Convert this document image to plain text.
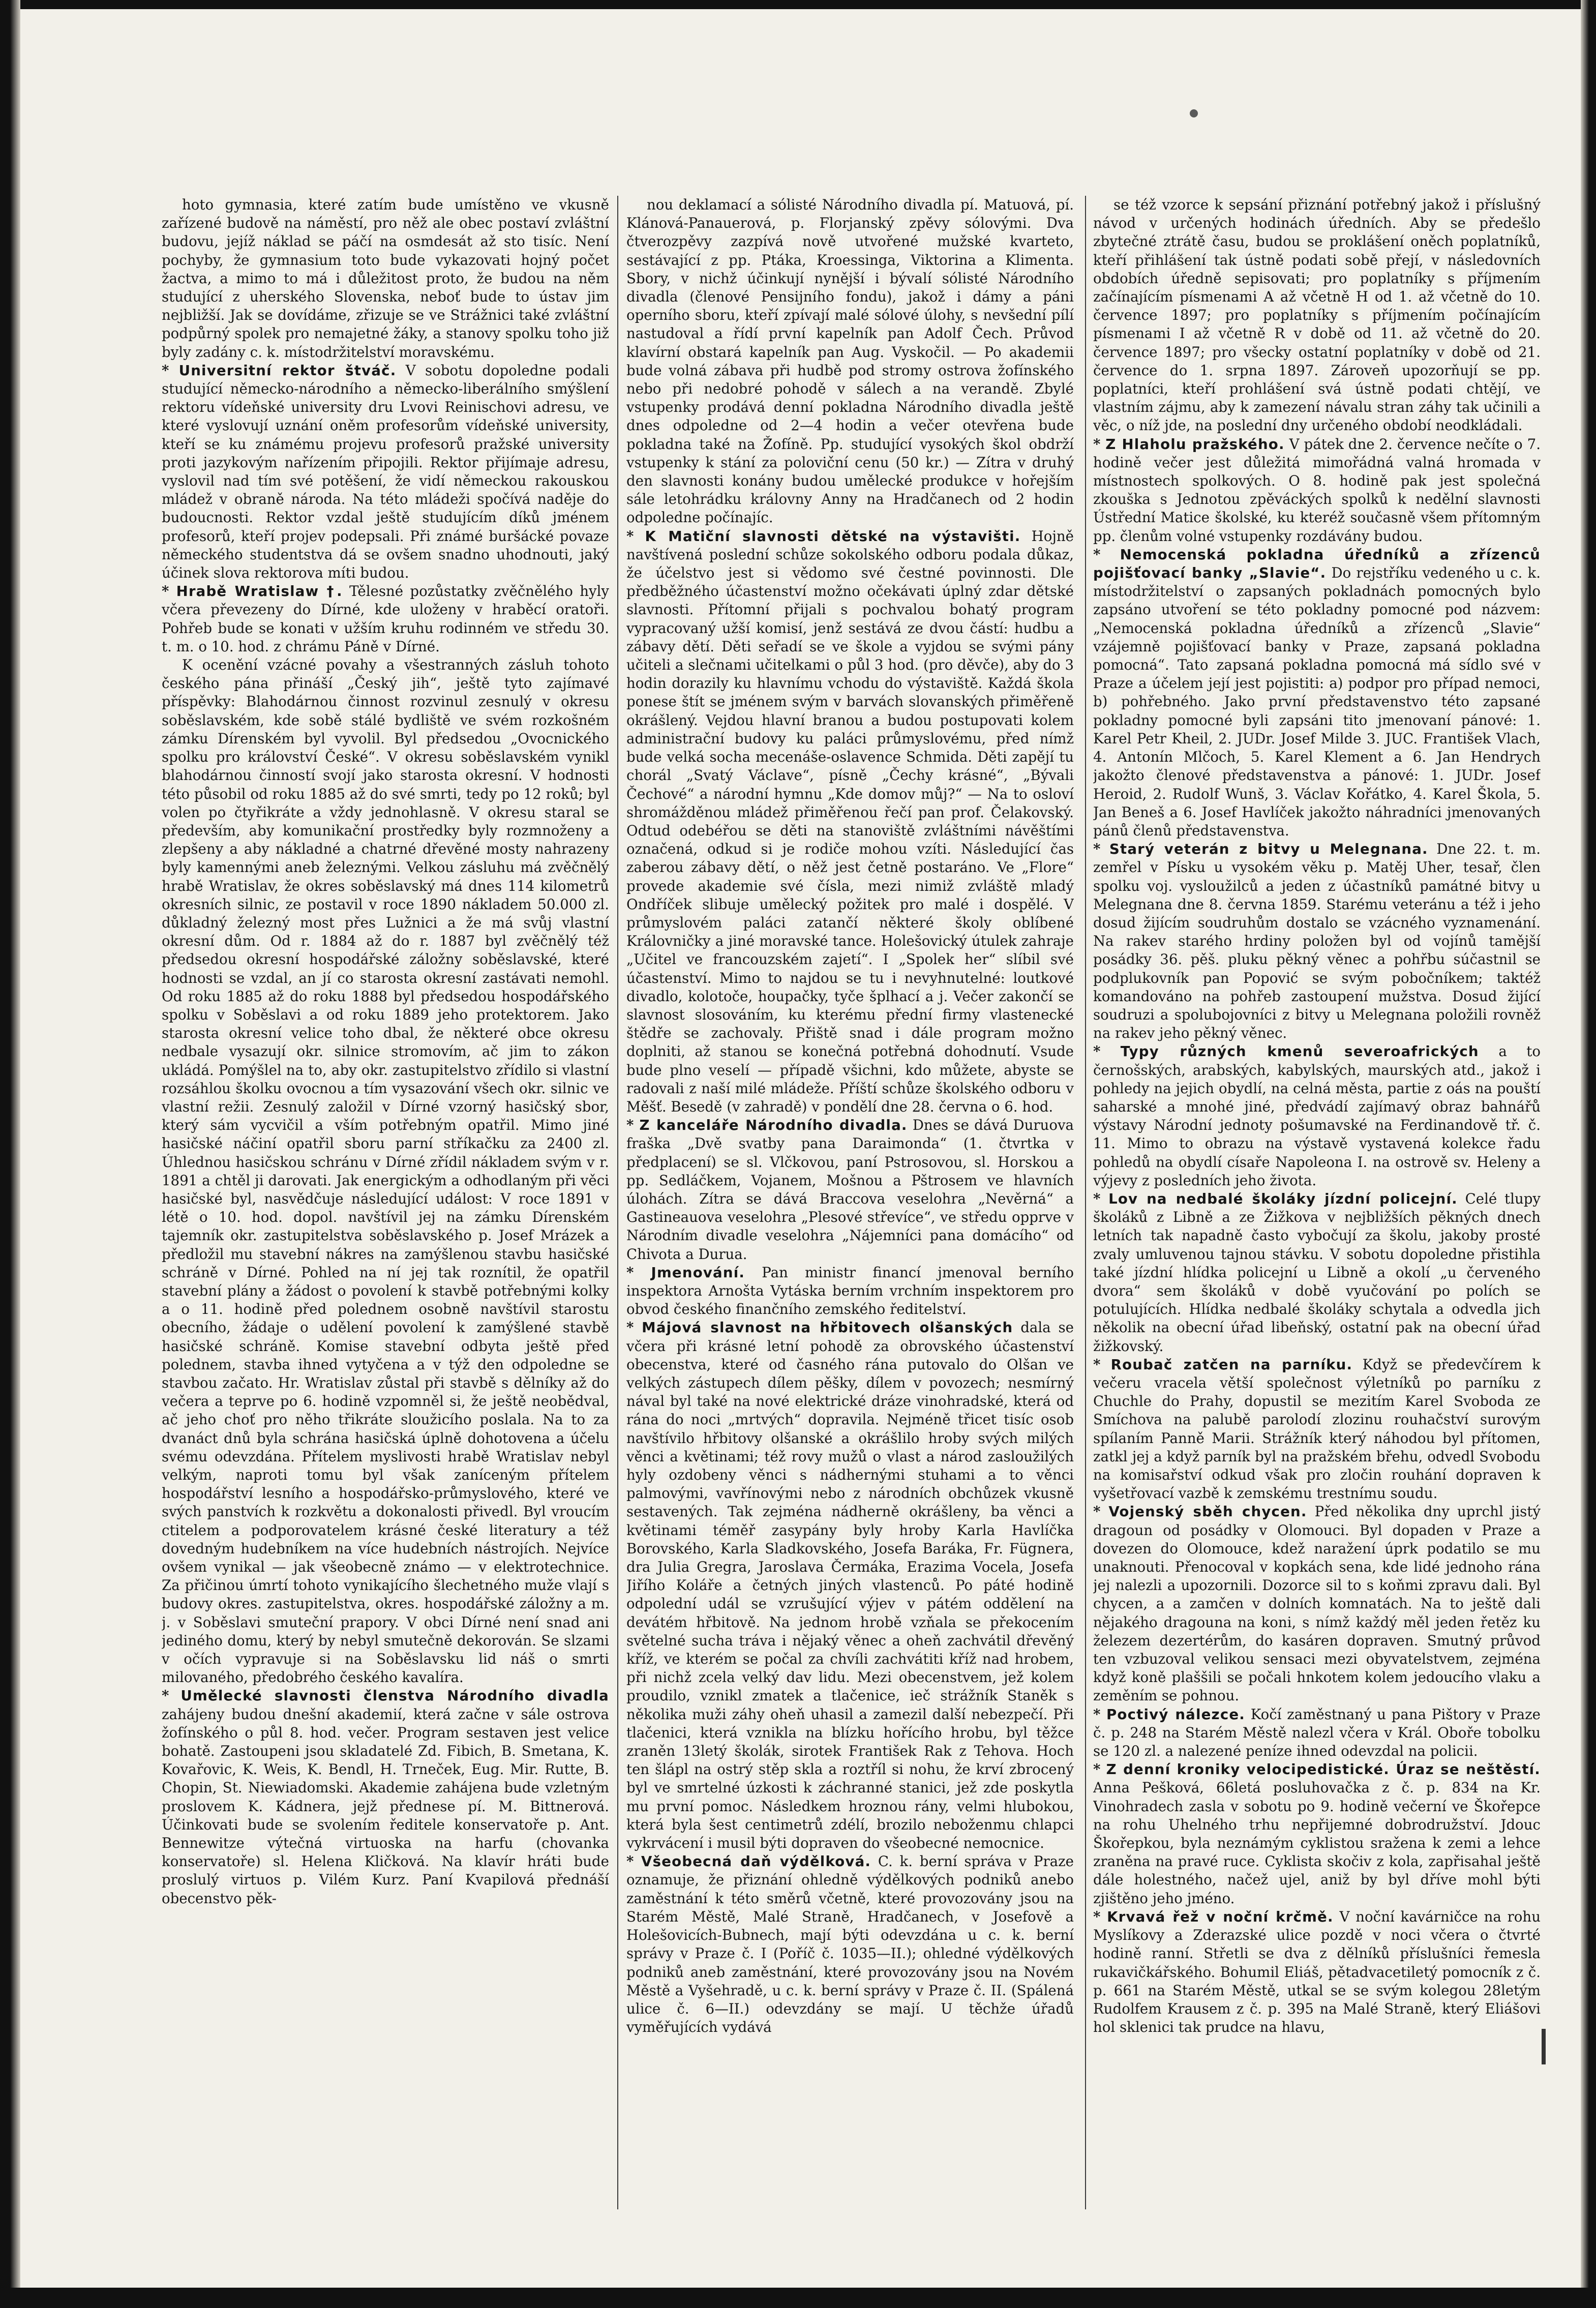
hoto gymnasia, které zatím bude umístěno ve vkusně zařízené budově na náměstí, pro něž ale obec postaví zvláštní budovu, jejíž náklad se páčí na osmdesát až sto tisíc. Není pochyby, že gymnasium toto bude vykazovati hojný počet žactva, a mimo to má i důležitost proto, že budou na něm studující z uherského Slovenska, neboť bude to ústav jim nejbližší. Jak se dovídáme, zřizuje se ve Strážnici také zvláštní podpůrný spolek pro nemajetné žáky, a stanovy spolku toho již byly zadány c. k. místodržitelství moravskému.

* Universitní rektor štváč. V sobotu dopoledne podali studující německo-národního a německo-liberálního smýšlení rektoru vídeňské university dru Lvovi Reinischovi adresu, ve které vyslovují uznání oněm profesorům vídeňské university, kteří se ku známému projevu profesorů pražské university proti jazykovým nařízením připojili. Rektor přijímaje adresu, vyslovil nad tím své potěšení, že vidí německou rakouskou mládež v obraně národa. Na této mládeži spočívá naděje do budoucnosti. Rektor vzdal ještě studujícím díků jménem profesorů, kteří projev podepsali. Při známé buršácké povaze německého studentstva dá se ovšem snadno uhodnouti, jaký účinek slova rektorova míti budou.

* Hrabě Wratislaw †. Tělesné pozůstatky zvěčnělého hyly včera převezeny do Dírné, kde uloženy v hraběcí oratoři. Pohřeb bude se konati v užším kruhu rodinném ve středu 30. t. m. o 10. hod. z chrámu Páně v Dírné.

K ocenění vzácné povahy a všestranných zásluh tohoto českého pána přináší „Český jih“, ještě tyto zajímavé příspěvky: Blahodárnou činnost rozvinul zesnulý v okresu soběslavském, kde sobě stálé bydliště ve svém rozkošném zámku Dírenském byl vyvolil. Byl předsedou „Ovocnického spolku pro království České“. V okresu soběslavském vynikl blahodárnou činností svojí jako starosta okresní. V hodnosti této působil od roku 1885 až do své smrti, tedy po 12 roků; byl volen po čtyřikráte a vždy jednohlasně. V okresu staral se především, aby komunikační prostředky byly rozmnoženy a zlepšeny a aby nákladné a chatrné dřevěné mosty nahrazeny byly kamennými aneb železnými. Velkou zásluhu má zvěčnělý hrabě Wratislav, že okres soběslavský má dnes 114 kilometrů okresních silnic, ze postavil v roce 1890 nákladem 50.000 zl. důkladný železný most přes Lužnici a že má svůj vlastní okresní dům. Od r. 1884 až do r. 1887 byl zvěčnělý též předsedou okresní hospodářské záložny soběslavské, které hodnosti se vzdal, an jí co starosta okresní zastávati nemohl. Od roku 1885 až do roku 1888 byl předsedou hospodářského spolku v Soběslavi a od roku 1889 jeho protektorem. Jako starosta okresní velice toho dbal, že některé obce okresu nedbale vysazují okr. silnice stromovím, ač jim to zákon ukládá. Pomýšlel na to, aby okr. zastupitelstvo zřídilo si vlastní rozsáhlou školku ovocnou a tím vysazování všech okr. silnic ve vlastní režii. Zesnulý založil v Dírné vzorný hasičský sbor, který sám vycvičil a vším potřebným opatřil. Mimo jiné hasičské náčiní opatřil sboru parní stříkačku za 2400 zl. Úhlednou hasičskou schránu v Dírné zřídil nákladem svým v r. 1891 a chtěl ji darovati. Jak energickým a odhodlaným při věci hasičské byl, nasvědčuje následující událost: V roce 1891 v létě o 10. hod. dopol. navštívil jej na zámku Dírenském tajemník okr. zastupitelstva soběslavského p. Josef Mrázek a předložil mu stavební nákres na zamýšlenou stavbu hasičské schráně v Dírné. Pohled na ní jej tak roznítil, že opatřil stavební plány a žádost o povolení k stavbě potřebnými kolky a o 11. hodině před polednem osobně navštívil starostu obecního, žádaje o udělení povolení k zamýšlené stavbě hasičské schráně. Komise stavební odbyta ještě před polednem, stavba ihned vytyčena a v týž den odpoledne se stavbou začato. Hr. Wratislav zůstal při stavbě s dělníky až do večera a teprve po 6. hodině vzpomněl si, že ještě neobědval, ač jeho choť pro něho třikráte sloužicího poslala. Na to za dvanáct dnů byla schrána hasičská úplně dohotovena a účelu svému odevzdána. Přítelem myslivosti hrabě Wratislav nebyl velkým, naproti tomu byl však zaníceným přítelem hospodářství lesního a hospodářsko-průmyslového, které ve svých panstvích k rozkvětu a dokonalosti přivedl. Byl vroucím ctitelem a podporovatelem krásné české literatury a též dovedným hudebníkem na více hudebních nástrojích. Nejvíce ovšem vynikal — jak všeobecně známo — v elektrotechnice. Za přičinou úmrtí tohoto vynikajícího šlechetného muže vlají s budovy okres. zastupitelstva, okres. hospodářské záložny a m. j. v Soběslavi smuteční prapory. V obci Dírné není snad ani jediného domu, který by nebyl smutečně dekorován. Se slzami v očích vypravuje si na Soběslavsku lid náš o smrti milovaného, předobrého českého kavalíra.

* Umělecké slavnosti členstva Národního divadla zahájeny budou dnešní akademií, která začne v sále ostrova žofínského o půl 8. hod. večer. Program sestaven jest velice bohatě. Zastoupeni jsou skladatelé Zd. Fibich, B. Smetana, K. Kovařovic, K. Weis, K. Bendl, H. Trneček, Eug. Mir. Rutte, B. Chopin, St. Niewiadomski. Akademie zahájena bude vzletným proslovem K. Kádnera, jejž přednese pí. M. Bittnerová. Účinkovati bude se svolením ředitele konservatoře p. Ant. Bennewitze výtečná virtuoska na harfu (chovanka konservatoře) sl. Helena Kličková. Na klavír hráti bude proslulý virtuos p. Vilém Kurz. Paní Kvapilová přednáší obecenstvo pěk-

nou deklamací a sólisté Národního divadla pí. Matuová, pí. Klánová-Panauerová, p. Florjanský zpěvy sólovými. Dva čtverozpěvy zazpívá nově utvořené mužské kvarteto, sestávající z pp. Ptáka, Kroessinga, Viktorina a Klimenta. Sbory, v nichž účinkují nynější i bývalí sólisté Národního divadla (členové Pensijního fondu), jakož i dámy a páni operního sboru, kteří zpívají malé sólové úlohy, s nevšední pílí nastudoval a řídí první kapelník pan Adolf Čech. Průvod klavírní obstará kapelník pan Aug. Vyskočil. — Po akademii bude volná zábava při hudbě pod stromy ostrova žofínského nebo při nedobré pohodě v sálech a na verandě. Zbylé vstupenky prodává denní pokladna Národního divadla ještě dnes odpoledne od 2—4 hodin a večer otevřena bude pokladna také na Žofíně. Pp. studující vysokých škol obdrží vstupenky k stání za poloviční cenu (50 kr.) — Zítra v druhý den slavnosti konány budou umělecké produkce v hořejším sále letohrádku královny Anny na Hradčanech od 2 hodin odpoledne počínajíc.

* K Matiční slavnosti dětské na výstavišti. Hojně navštívená poslední schůze sokolského odboru podala důkaz, že účelstvo jest si vědomo své čestné povinnosti. Dle předběžného účastenství možno očekávati úplný zdar dětské slavnosti. Přítomní přijali s pochvalou bohatý program vypracovaný užší komisí, jenž sestává ze dvou částí: hudbu a zábavy dětí. Děti seřadí se ve škole a vyjdou se svými pány učiteli a slečnami učitelkami o půl 3 hod. (pro děvče), aby do 3 hodin dorazily ku hlavnímu vchodu do výstaviště. Každá škola ponese štít se jménem svým v barvách slovanských přiměřeně okrášlený. Vejdou hlavní branou a budou postupovati kolem administrační budovy ku paláci průmyslovému, před nímž bude velká socha mecenáše-oslavence Schmida. Děti zapějí tu chorál „Svatý Václave“, písně „Čechy krásné“, „Bývali Čechové“ a národní hymnu „Kde domov můj?“ — Na to osloví shromážděnou mládež přiměřenou řečí pan prof. Čelakovský. Odtud odebéřou se děti na stanoviště zvláštními návěštími označená, odkud si je rodiče mohou vzíti. Následující čas zaberou zábavy dětí, o něž jest četně postaráno. Ve „Flore“ provede akademie své čísla, mezi nimiž zvláště mladý Ondříček slibuje umělecký požitek pro malé i dospělé. V průmyslovém paláci zatančí některé školy oblíbené Královničky a jiné moravské tance. Holešovický útulek zahraje „Učitel ve francouzském zajetí“. I „Spolek her“ slíbil své účastenství. Mimo to najdou se tu i nevyhnutelné: loutkové divadlo, kolotoče, houpačky, tyče šplhací a j. Večer zakončí se slavnost slosováním, ku kterému přední firmy vlastenecké štědře se zachovaly. Přiště snad i dále program možno doplniti, až stanou se konečná potřebná dohodnutí. Vsude bude plno veselí — případě všichni, kdo můžete, abyste se radovali z naší milé mládeže. Příští schůze školského odboru v Měšť. Besedě (v zahradě) v pondělí dne 28. června o 6. hod.

* Z kanceláře Národního divadla. Dnes se dává Duruova fraška „Dvě svatby pana Daraimonda“ (1. čtvrtka v předplacení) se sl. Vlčkovou, paní Pstrosovou, sl. Horskou a pp. Sedláčkem, Vojanem, Mošnou a Pštrosem ve hlavních úlohách. Zítra se dává Braccova veselohra „Nevěrná“ a Gastineauova veselohra „Plesové střevíce“, ve středu opprve v Národním divadle veselohra „Nájemníci pana domácího“ od Chivota a Durua.

* Jmenování. Pan ministr financí jmenoval berního inspektora Arnošta Vytáska berním vrchním inspektorem pro obvod českého finančního zemského ředitelství.

* Májová slavnost na hřbitovech olšanských dala se včera při krásné letní pohodě za obrovského účastenství obecenstva, které od časného rána putovalo do Olšan ve velkých zástupech dílem pěšky, dílem v povozech; nesmírný nával byl také na nové elektrické dráze vinohradské, která od rána do noci „mrtvých“ dopravila. Nejméně třicet tisíc osob navštívilo hřbitovy olšanské a okrášlilo hroby svých milých věnci a květinami; též rovy mužů o vlast a národ zasloužilých hyly ozdobeny věnci s nádhernými stuhami a to věnci palmovými, vavřínovými nebo z národních obchůzek vkusně sestavených. Tak zejména nádherně okrášleny, ba věnci a květinami téměř zasypány byly hroby Karla Havlíčka Borovského, Karla Sladkovského, Josefa Baráka, Fr. Fügnera, dra Julia Gregra, Jaroslava Čermáka, Erazima Vocela, Josefa Jiřího Koláře a četných jiných vlastenců. Po páté hodině odpolední udál se vzrušující výjev v pátém oddělení na devátém hřbitově. Na jednom hrobě vzňala se překocením světelné sucha tráva i nějaký věnec a oheň zachvátil dřevěný kříž, ve kterém se počal za chvíli zachvátiti kříž nad hrobem, při nichž zcela velký dav lidu. Mezi obecenstvem, jež kolem proudilo, vznikl zmatek a tlačenice, ieč strážník Staněk s několika muži záhy oheň uhasil a zamezil další nebezpečí. Při tlačenici, která vznikla na blízku hořícího hrobu, byl těžce zraněn 13letý školák, sirotek František Rak z Tehova. Hoch ten šlápl na ostrý stěp skla a roztříl si nohu, že krví zbrocený byl ve smrtelné úzkosti k záchranné stanici, jež zde poskytla mu první pomoc. Následkem hroznou rány, velmi hlubokou, která byla šest centimetrů zdélí, brozilo neboženmu chlapci vykrvácení i musil býti dopraven do všeobecné nemocnice.

* Všeobecná daň výdělková. C. k. berní správa v Praze oznamuje, že přiznání ohledně výdělkových podniků anebo zaměstnání k této směrů včetně, které provozovány jsou na Starém Městě, Malé Straně, Hradčanech, v Josefově a Holešovicích-Bubnech, mají býti odevzdána u c. k. berní správy v Praze č. I (Poříč č. 1035—II.); ohledné výdělkových podniků aneb zaměstnání, které provozovány jsou na Novém Městě a Vyšehradě, u c. k. berní správy v Praze č. II. (Spálená ulice č. 6—II.) odevzdány se mají. U těchže úřadů vyměřujících vydává

se též vzorce k sepsání přiznání potřebný jakož i příslušný návod v určených hodinách úředních. Aby se předešlo zbytečné ztrátě času, budou se proklášení oněch poplatníků, kteří přihlášení tak ústně podati sobě přejí, v následovních obdobích úředně sepisovati; pro poplatníky s příjmením začínajícím písmenami A až včetně H od 1. až včetně do 10. července 1897; pro poplatníky s příjmením počínajícím písmenami I až včetně R v době od 11. až včetně do 20. července 1897; pro všecky ostatní poplatníky v době od 21. července do 1. srpna 1897. Zároveň upozorňují se pp. poplatníci, kteří prohlášení svá ústně podati chtějí, ve vlastním zájmu, aby k zamezení návalu stran záhy tak učinili a věc, o níž jde, na poslední dny určeného období neodkládali.

* Z Hlaholu pražského. V pátek dne 2. července nečíte o 7. hodině večer jest důležitá mimořádná valná hromada v místnostech spolkových. O 8. hodině pak jest společná zkouška s Jednotou zpěváckých spolků k nedělní slavnosti Ústřední Matice školské, ku kteréž současně všem přítomným pp. členům volné vstupenky rozdávány budou.

* Nemocenská pokladna úředníků a zřízenců pojišťovací banky „Slavie“. Do rejstříku vedeného u c. k. místodržitelství o zapsaných pokladnách pomocných bylo zapsáno utvoření se této pokladny pomocné pod názvem: „Nemocenská pokladna úředníků a zřízenců „Slavie“ vzájemně pojišťovací banky v Praze, zapsaná pokladna pomocná“. Tato zapsaná pokladna pomocná má sídlo své v Praze a účelem její jest pojistiti: a) podpor pro případ nemoci, b) pohřebného. Jako první představenstvo této zapsané pokladny pomocné byli zapsáni tito jmenovaní pánové: 1. Karel Petr Kheil, 2. JUDr. Josef Milde 3. JUC. František Vlach, 4. Antonín Mlčoch, 5. Karel Klement a 6. Jan Hendrych jakožto členové představenstva a pánové: 1. JUDr. Josef Heroid, 2. Rudolf Wunš, 3. Václav Kořátko, 4. Karel Škola, 5. Jan Beneš a 6. Josef Havlíček jakožto náhradníci jmenovaných pánů členů představenstva.

* Starý veterán z bitvy u Melegnana. Dne 22. t. m. zemřel v Písku u vysokém věku p. Matěj Uher, tesař, člen spolku voj. vysloužilců a jeden z účastníků památné bitvy u Melegnana dne 8. června 1859. Starému veteránu a též i jeho dosud žijícím soudruhům dostalo se vzácného vyznamenání. Na rakev starého hrdiny položen byl od vojínů tamější posádky 36. pěš. pluku pěkný věnec a pohřbu súčastnil se podplukovník pan Popović se svým pobočníkem; taktéž komandováno na pohřeb zastoupení mužstva. Dosud žijící soudruzi a spolubojovníci z bitvy u Melegnana položili rovněž na rakev jeho pěkný věnec.

* Typy různých kmenů severoafrických a to černošských, arabských, kabylských, maurských atd., jakož i pohledy na jejich obydlí, na celná města, partie z oás na pouští saharské a mnohé jiné, předvádí zajímavý obraz bahnářů výstavy Národní jednoty pošumavské na Ferdinandově tř. č. 11. Mimo to obrazu na výstavě vystavená kolekce řadu pohledů na obydlí císaře Napoleona I. na ostrově sv. Heleny a výjevy z posledních jeho života.

* Lov na nedbalé školáky jízdní policejní. Celé tlupy školáků z Libně a ze Žižkova v nejbližších pěkných dnech letních tak napadně často vybočují za školu, jakoby prosté zvaly umluvenou tajnou stávku. V sobotu dopoledne přistihla také jízdní hlídka policejní u Libně a okolí „u červeného dvora“ sem školáků v době vyučování po polích se potulujících. Hlídka nedbalé školáky schytala a odvedla jich několik na obecní úřad libeňský, ostatní pak na obecní úřad žižkovský.

* Roubač zatčen na parníku. Když se předevčírem k večeru vracela větší společnost výletníků po parníku z Chuchle do Prahy, dopustil se mezitím Karel Svoboda ze Smíchova na palubě parolodí zlozinu rouhačství surovým spílaním Panně Marii. Strážník který náhodou byl přítomen, zatkl jej a když parník byl na pražském břehu, odvedl Svobodu na komisařství odkud však pro zločin rouhání dopraven k vyšetřovací vazbě k zemskému trestnímu soudu.

* Vojenský sběh chycen. Před několika dny uprchl jistý dragoun od posádky v Olomouci. Byl dopaden v Praze a dovezen do Olomouce, kdež naražení úprk podatilo se mu unaknouti. Přenocoval v kopkách sena, kde lidé jednoho rána jej nalezli a upozornili. Dozorce sil to s koňmi zpravu dali. Byl chycen, a a zamčen v dolních komnatách. Na to ještě dali nějakého dragouna na koni, s nímž každý měl jeden řetěz ku železem dezertérům, do kasáren dopraven. Smutný průvod ten vzbuzoval velikou sensaci mezi obyvatelstvem, zejména když koně plaššili se počali hnkotem kolem jedoucího vlaku a zeměním se pohnou.

* Poctivý nálezce. Kočí zaměstnaný u pana Pištory v Praze č. p. 248 na Starém Městě nalezl včera v Král. Oboře tobolku se 120 zl. a nalezené peníze ihned odevzdal na policii.

* Z denní kroniky velocipedistické. Úraz se neštěstí. Anna Pešková, 66letá posluhovačka z č. p. 834 na Kr. Vinohradech zasla v sobotu po 9. hodině večerní ve Škořepce na rohu Uhelného trhu nepřijemné dobrodružství. Jdouc Škořepkou, byla neznámým cyklistou sražena k zemi a lehce zraněna na pravé ruce. Cyklista skočiv z kola, zapřisahal ještě dále holestného, načež ujel, aniž by byl dříve mohl býti zjištěno jeho jméno.

* Krvavá řež v noční krčmě. V noční kavárničce na rohu Myslíkovy a Zderazské ulice pozdě v noci včera o čtvrté hodině ranní. Střetli se dva z dělníků příslušníci řemesla rukavičkářského. Bohumil Eliáš, pětadvacetiletý pomocník z č. p. 661 na Starém Městě, utkal se se svým kolegou 28letým Rudolfem Krausem z č. p. 395 na Malé Straně, který Eliášovi hol sklenici tak prudce na hlavu,
